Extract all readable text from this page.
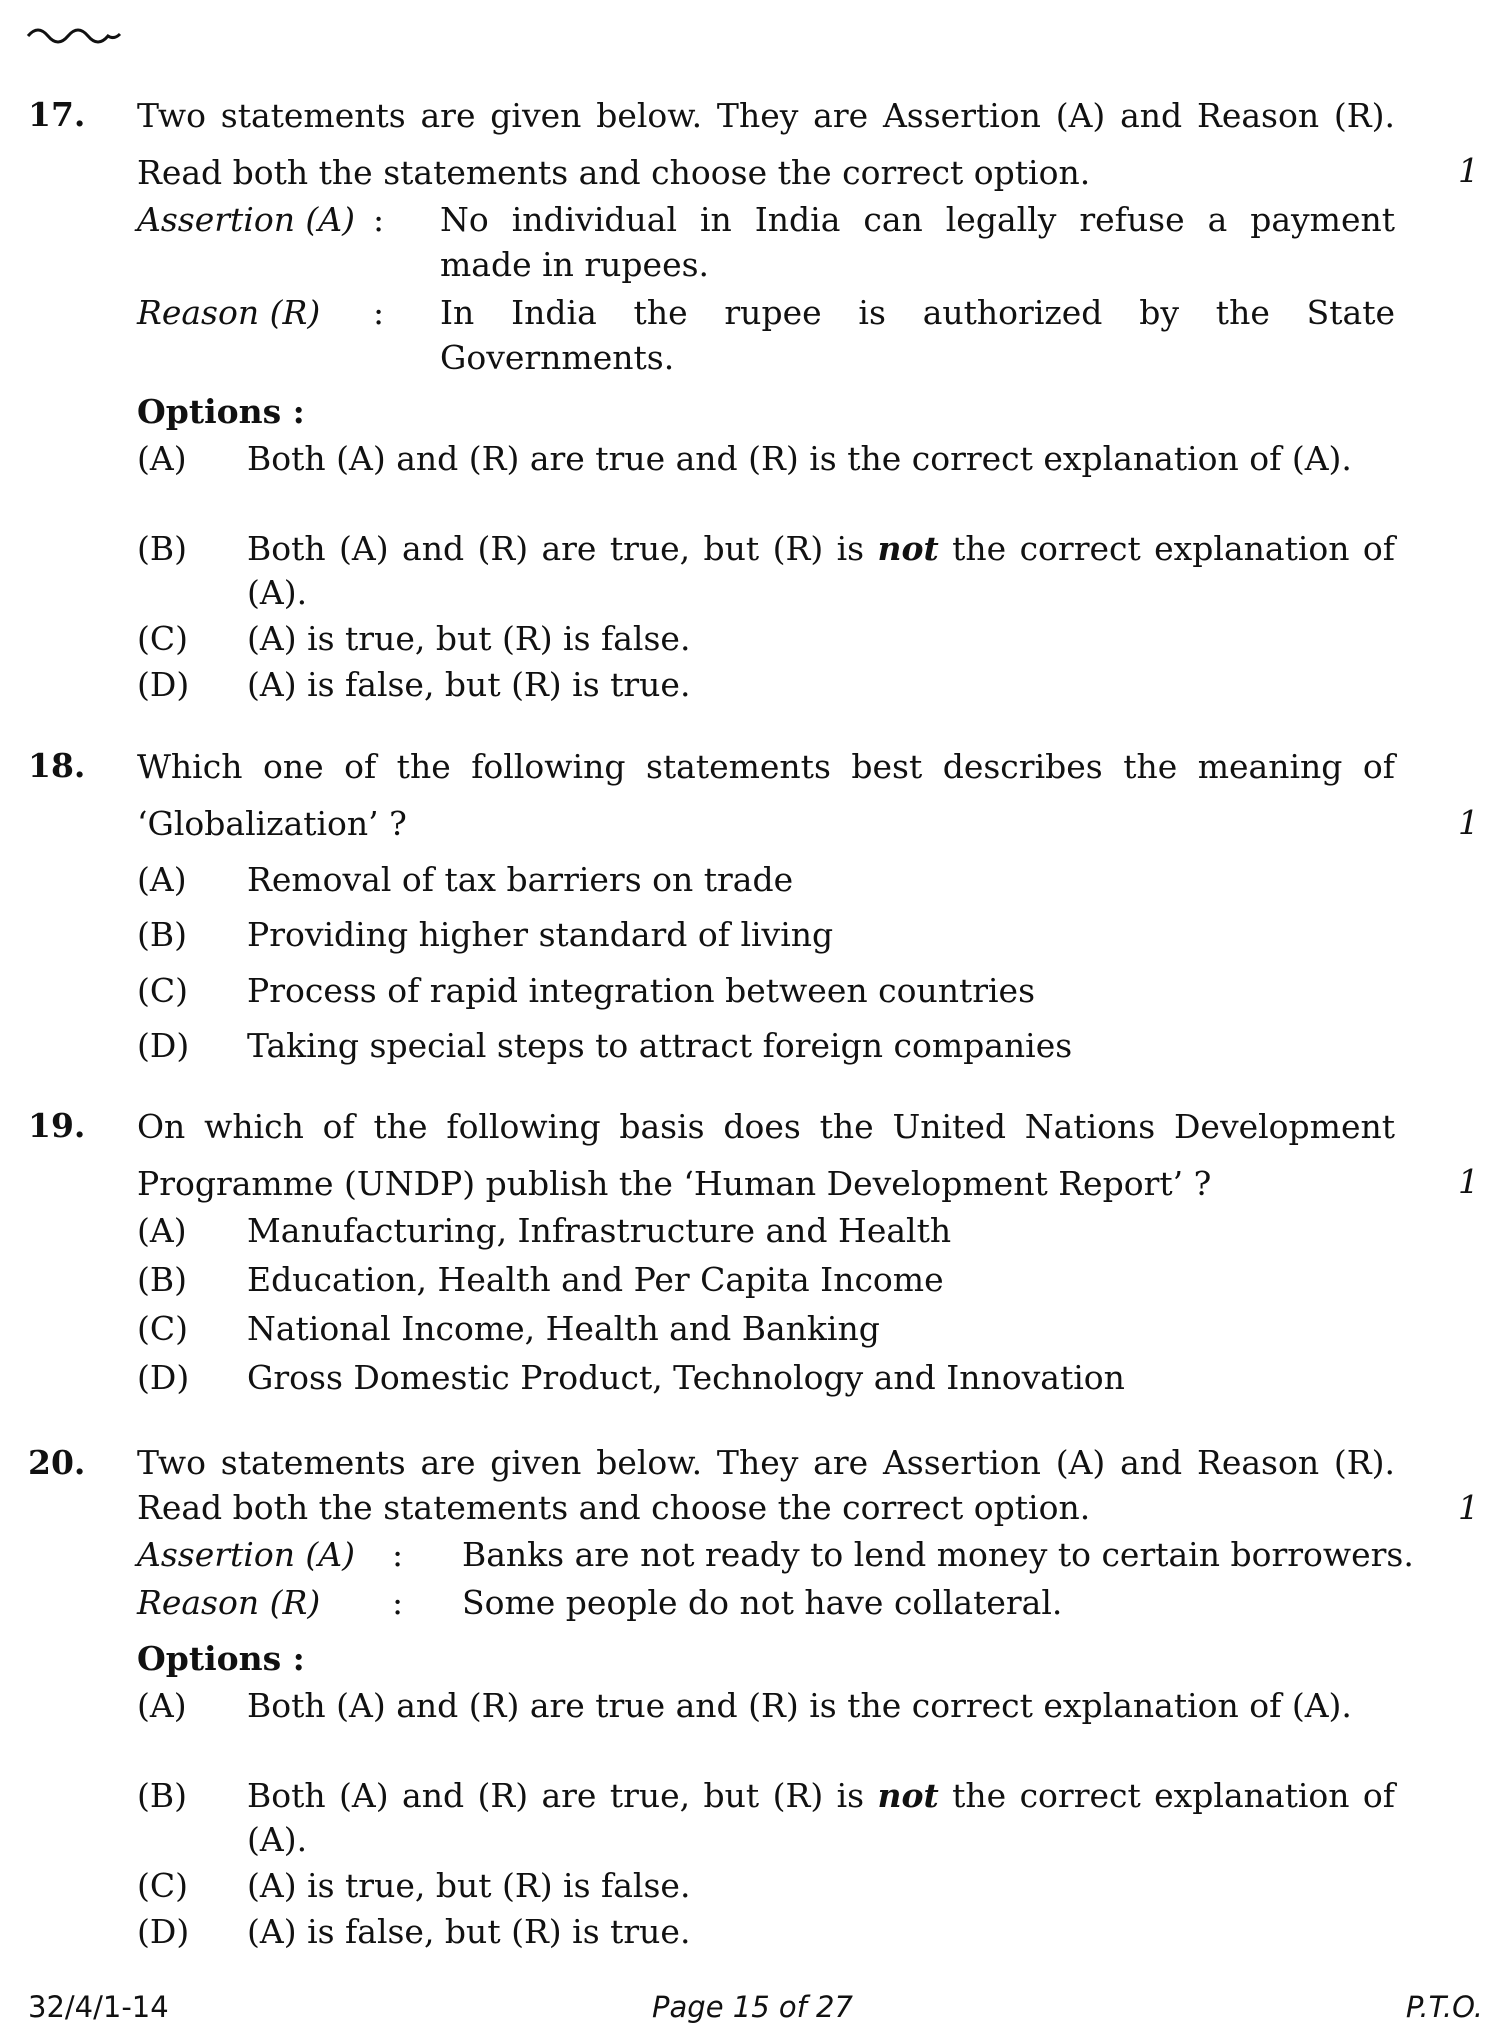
17. Two statements are given below. They are Assertion (A) and Reason (R). Read both the statements and choose the correct option.	1
Assertion (A) : No individual in India can legally refuse a payment made in rupees.
Reason (R) : In India the rupee is authorized by the State Governments.
Options :
(A) Both (A) and (R) are true and (R) is the correct explanation of (A).
(B) Both (A) and (R) are true, but (R) is not the correct explanation of (A).
(C) (A) is true, but (R) is false.
(D) (A) is false, but (R) is true.
18. Which one of the following statements best describes the meaning of ‘Globalization’ ?	1
(A) Removal of tax barriers on trade
(B) Providing higher standard of living
(C) Process of rapid integration between countries
(D) Taking special steps to attract foreign companies
19. On which of the following basis does the United Nations Development Programme (UNDP) publish the ‘Human Development Report’ ?	1
(A) Manufacturing, Infrastructure and Health
(B) Education, Health and Per Capita Income
(C) National Income, Health and Banking
(D) Gross Domestic Product, Technology and Innovation
20. Two statements are given below. They are Assertion (A) and Reason (R). Read both the statements and choose the correct option.	1
Assertion (A) : Banks are not ready to lend money to certain borrowers.
Reason (R) : Some people do not have collateral.
Options :
(A) Both (A) and (R) are true and (R) is the correct explanation of (A).
(B) Both (A) and (R) are true, but (R) is not the correct explanation of (A).
(C) (A) is true, but (R) is false.
(D) (A) is false, but (R) is true.
32/4/1-14	Page 15 of 27	P.T.O.
